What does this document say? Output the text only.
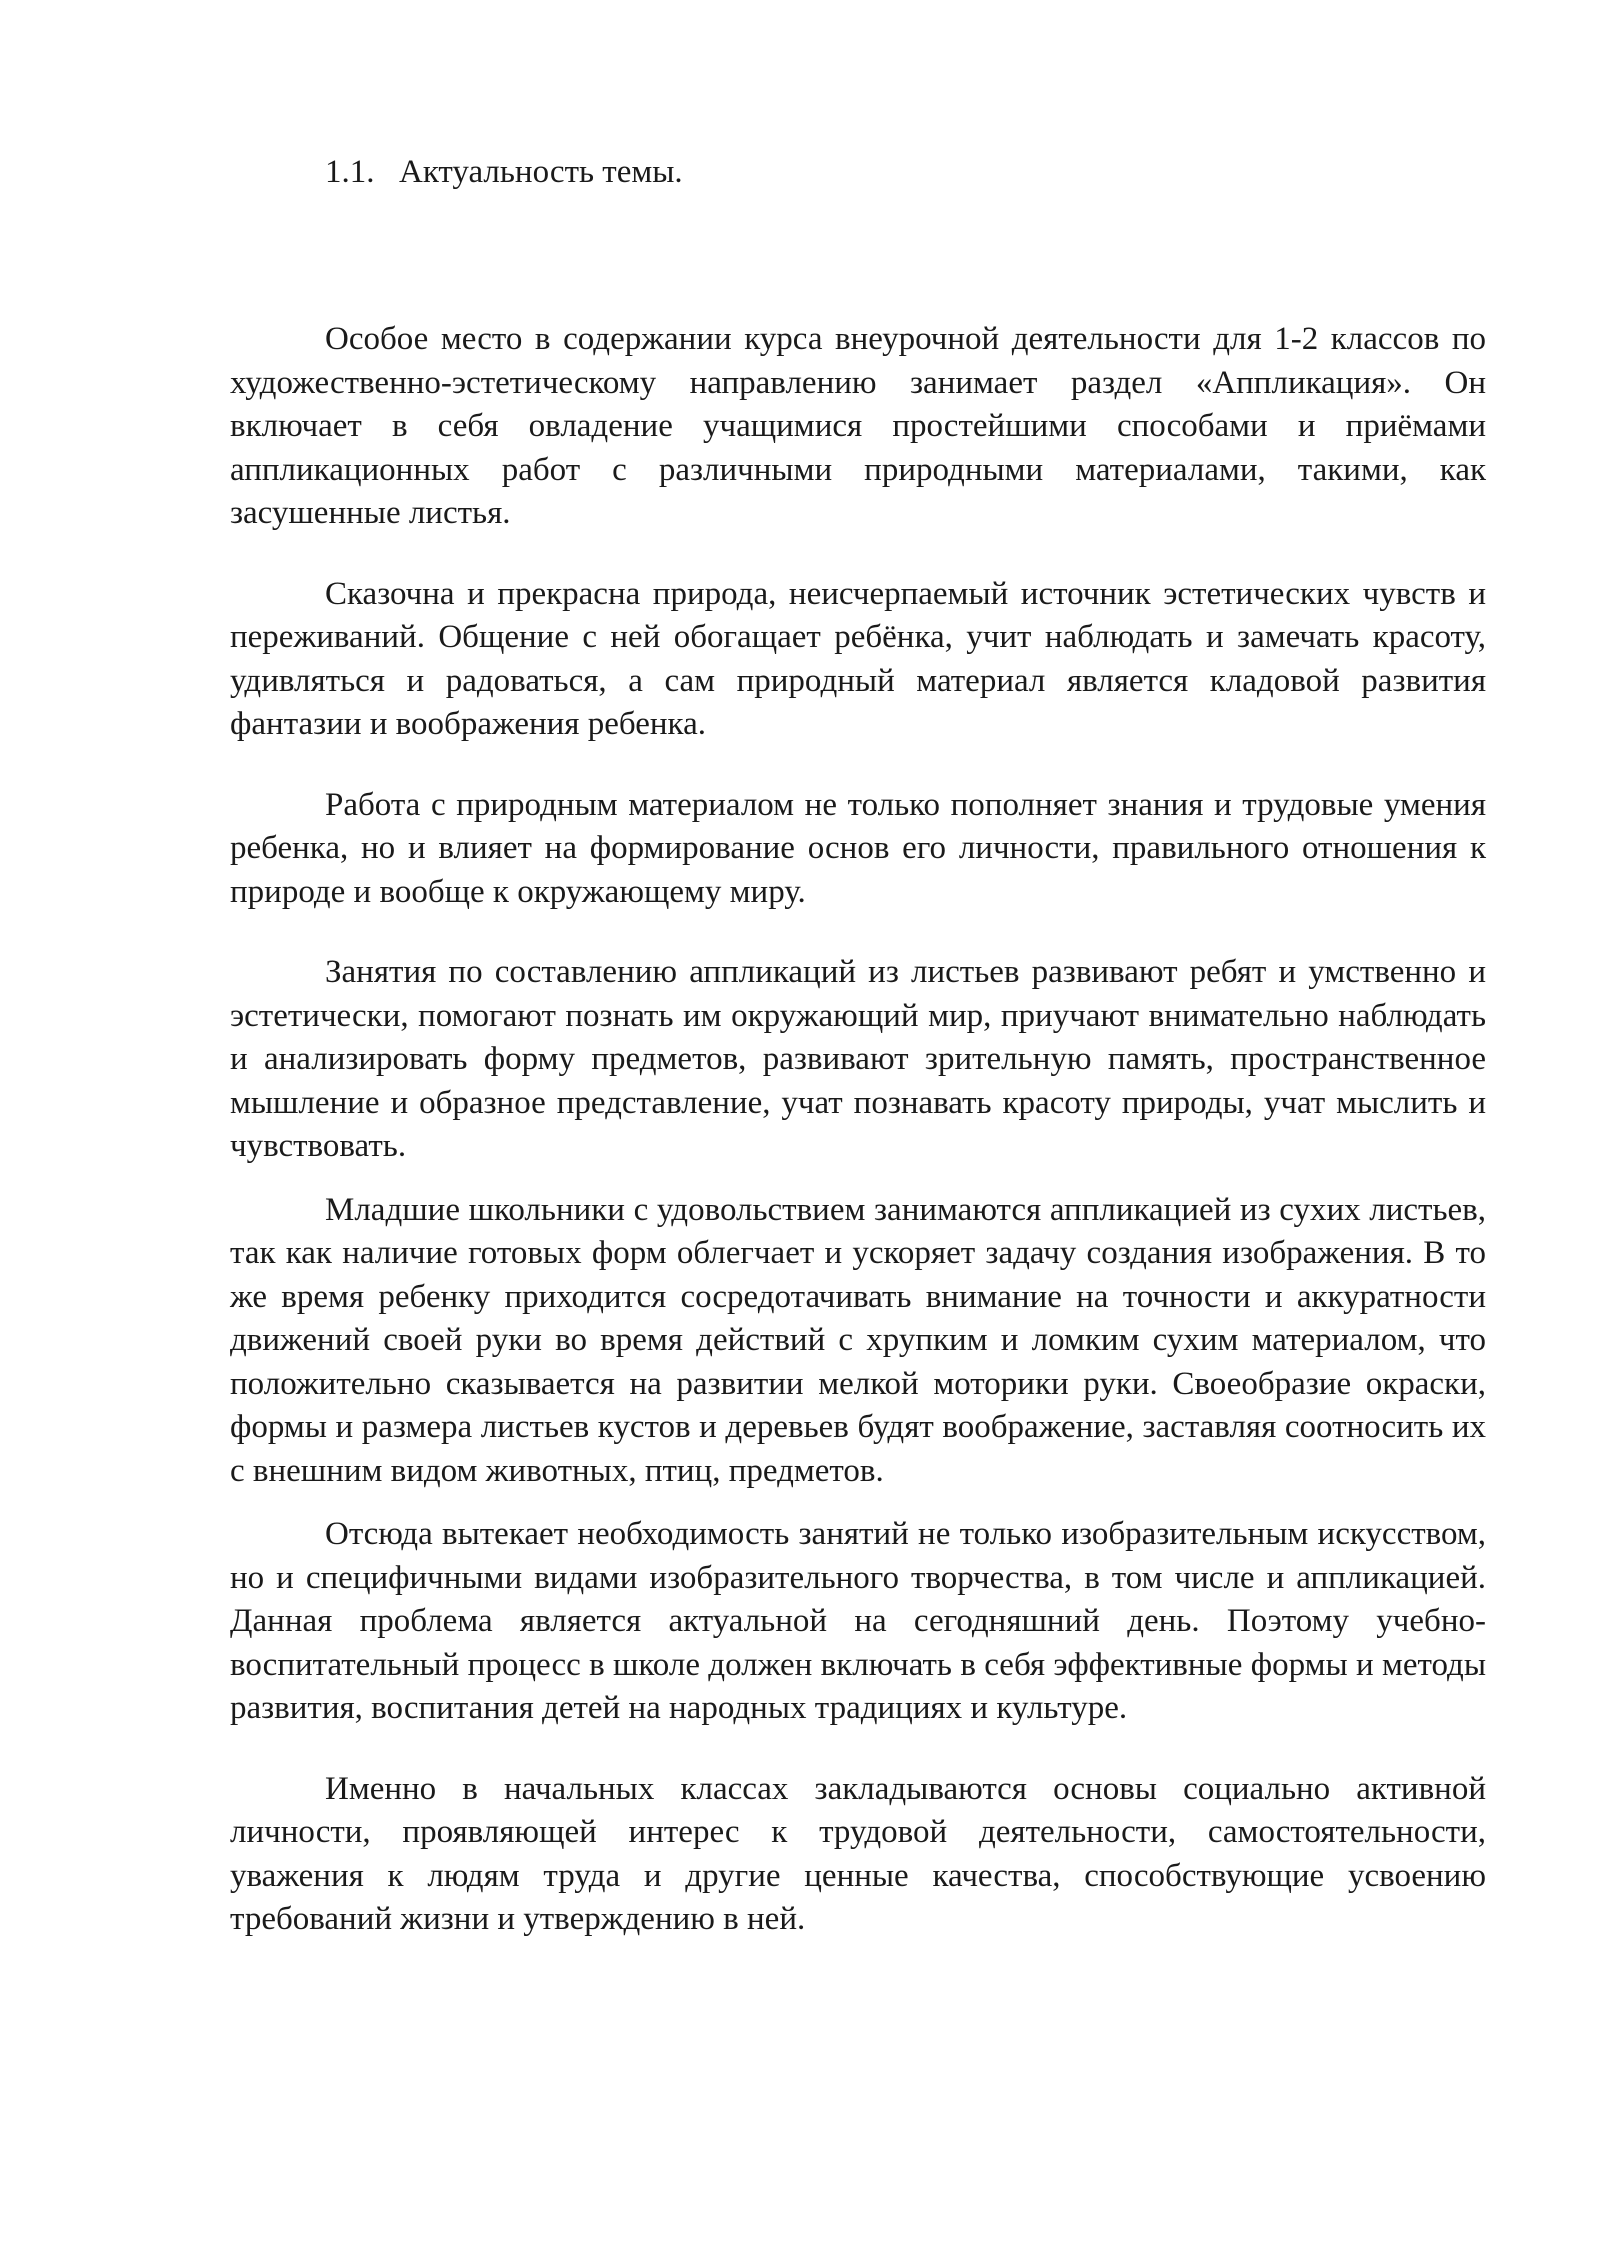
1.1. Актуальность темы.

Особое место в содержании курса внеурочной деятельности для 1-2 классов по художественно-эстетическому направлению занимает раздел «Аппликация». Он включает в себя овладение учащимися простейшими способами и приёмами аппликационных работ с различными природными материалами, такими, как засушенные листья.

Сказочна и прекрасна природа, неисчерпаемый источник эстетических чувств и переживаний. Общение с ней обогащает ребёнка, учит наблюдать и замечать красоту, удивляться и радоваться, а сам природный материал является кладовой развития фантазии и воображения ребенка.

Работа с природным материалом не только пополняет знания и трудовые умения ребенка, но и влияет на формирование основ его личности, правильного отношения к природе и вообще к окружающему миру.

Занятия по составлению аппликаций из листьев развивают ребят и умственно и эстетически, помогают познать им окружающий мир, приучают внимательно наблюдать и анализировать форму предметов, развивают зрительную память, пространственное мышление и образное представление, учат познавать красоту природы, учат мыслить и чувствовать.

Младшие школьники с удовольствием занимаются аппликацией из сухих листьев, так как наличие готовых форм облегчает и ускоряет задачу создания изображения. В то же время ребенку приходится сосредотачивать внимание на точности и аккуратности движений своей руки во время действий с хрупким и ломким сухим материалом, что положительно сказывается на развитии мелкой моторики руки. Своеобразие окраски, формы и размера листьев кустов и деревьев будят воображение, заставляя соотносить их с внешним видом животных, птиц, предметов.

Отсюда вытекает необходимость занятий не только изобразительным искусством, но и специфичными видами изобразительного творчества, в том числе и аппликацией. Данная проблема является актуальной на сегодняшний день. Поэтому учебно-воспитательный процесс в школе должен включать в себя эффективные формы и методы развития, воспитания детей на народных традициях и культуре.

Именно в начальных классах закладываются основы социально активной личности, проявляющей интерес к трудовой деятельности, самостоятельности, уважения к людям труда и другие ценные качества, способствующие усвоению требований жизни и утверждению в ней.
